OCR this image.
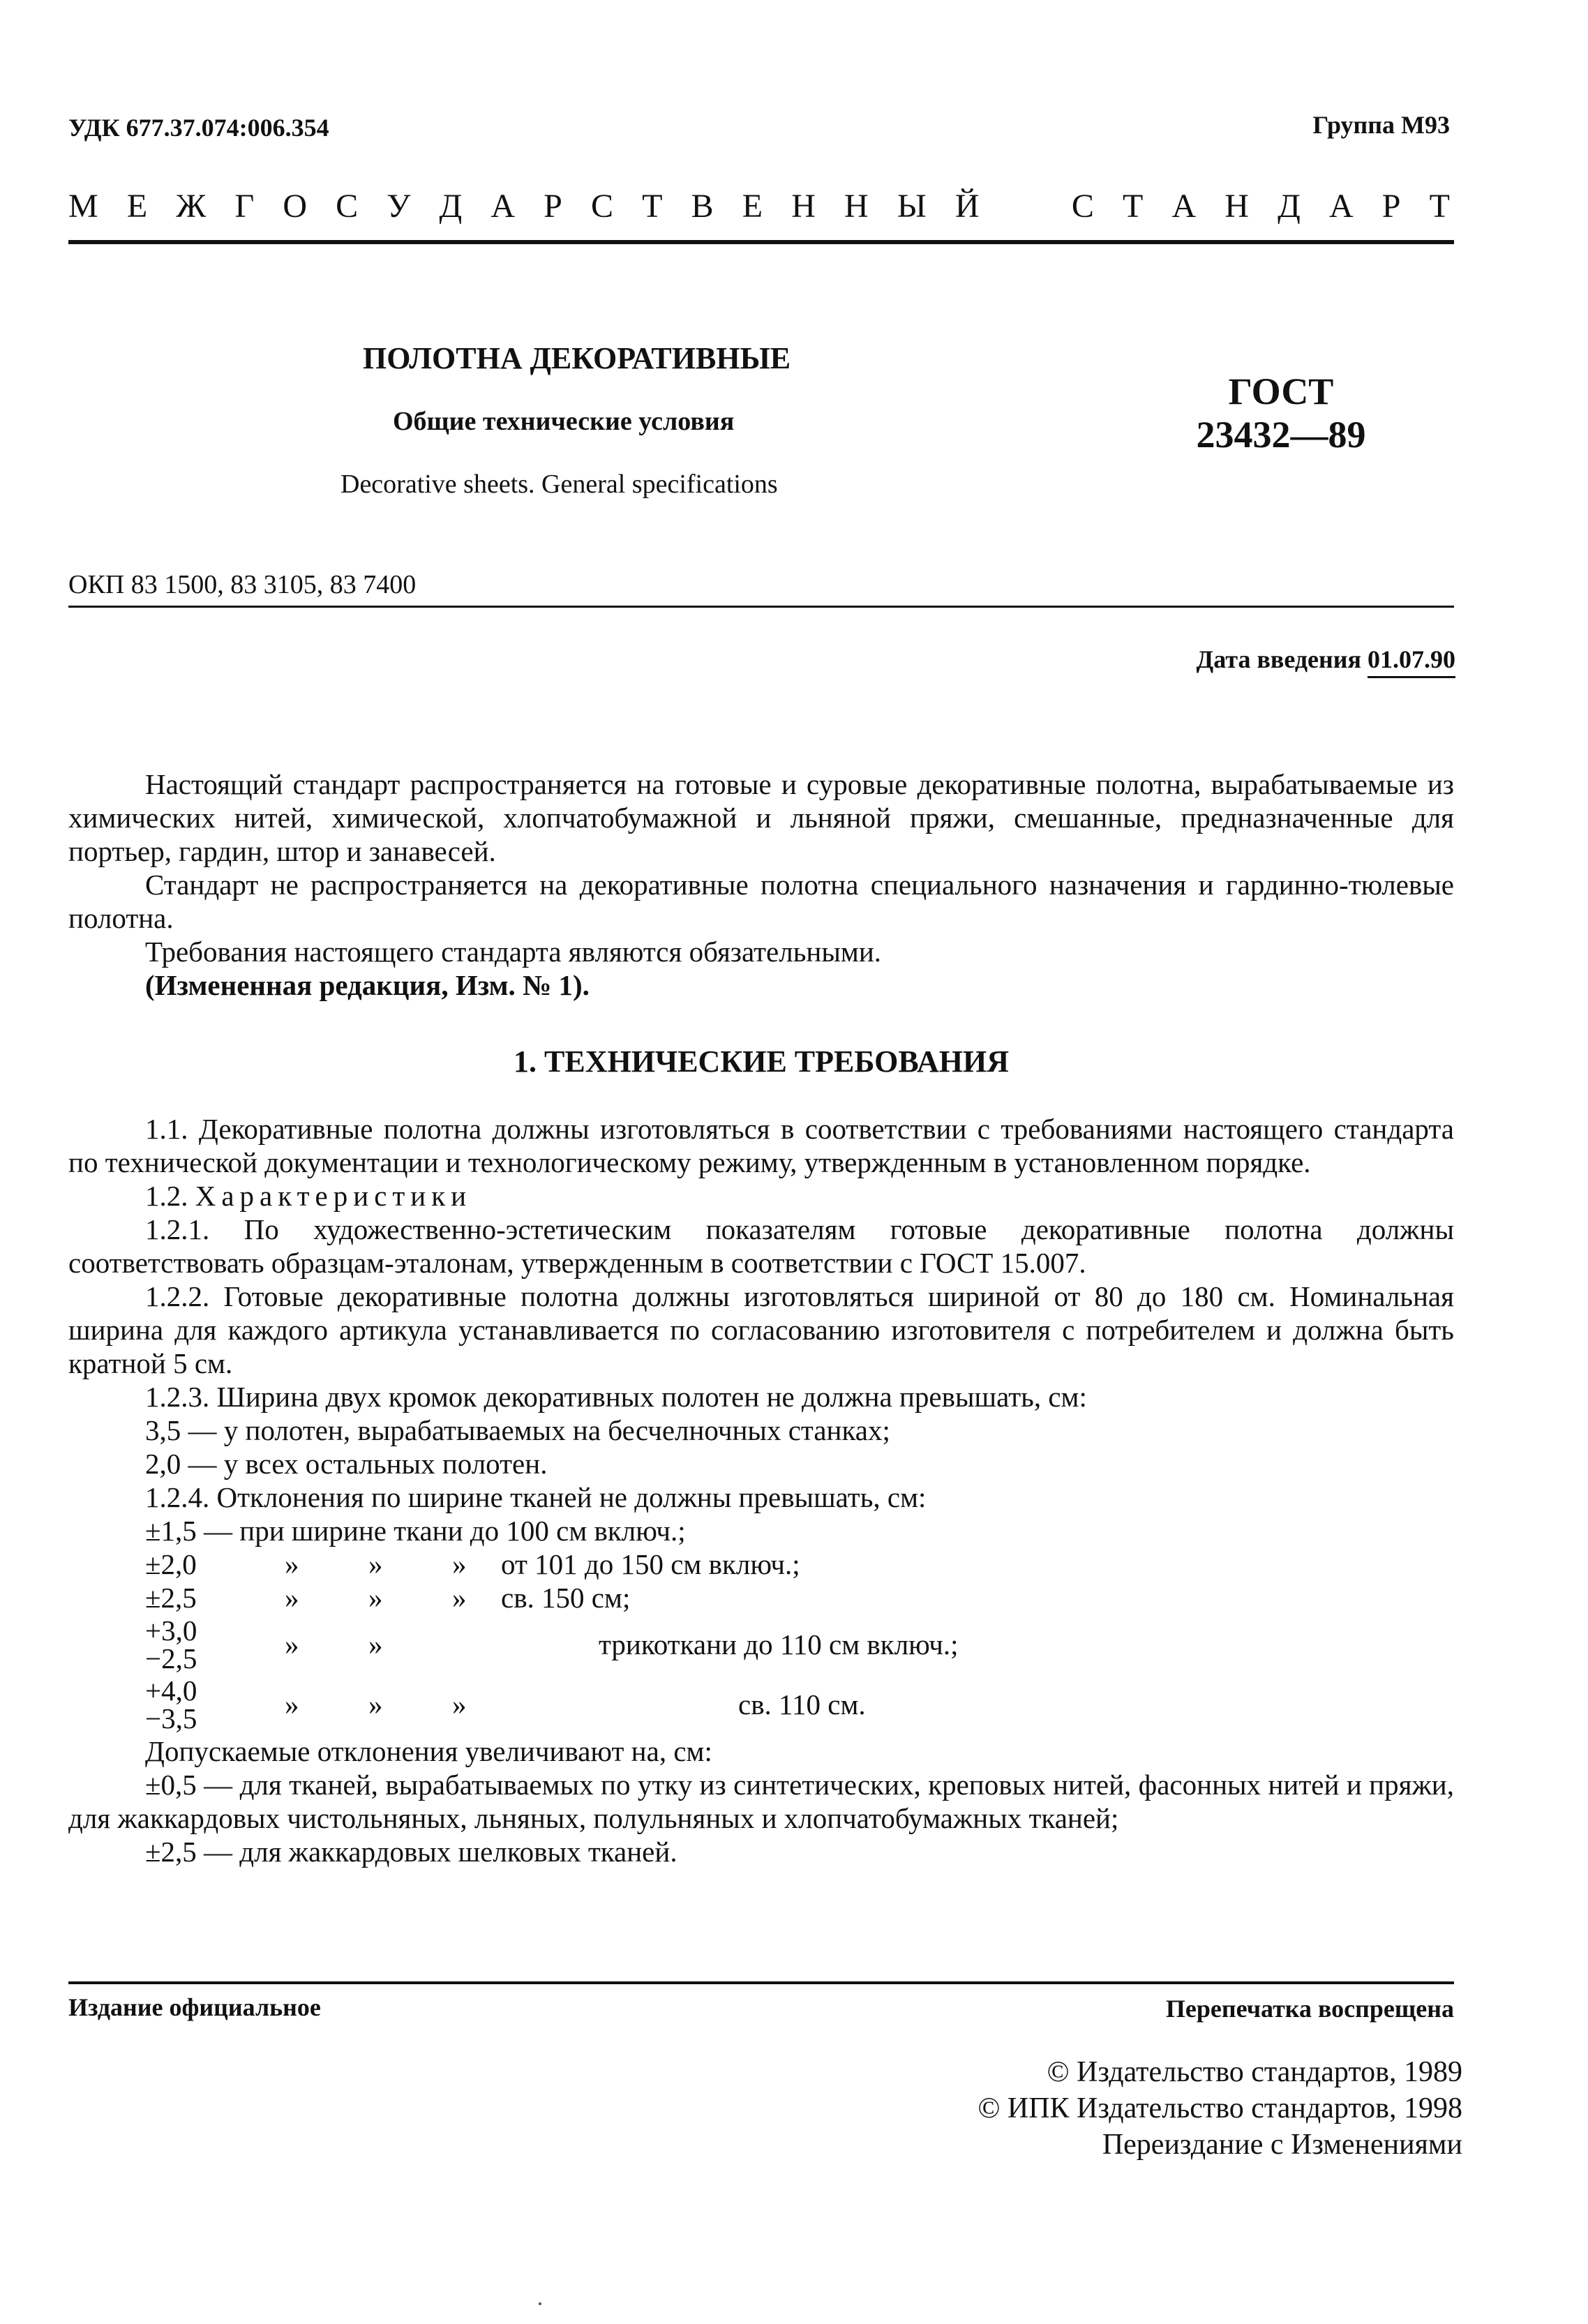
УДК 677.37.074:006.354	Группа М93
М Е Ж Г О С У Д А Р С Т В Е Н Н Ы Й	С Т А Н Д А Р Т
ПОЛОТНА ДЕКОРАТИВНЫЕ
Общие технические условия
Decorative sheets. General specifications
ГОСТ
23432—89
ОКП 83 1500, 83 3105, 83 7400
Дата введения 01.07.90

Настоящий стандарт распространяется на готовые и суровые декоративные полотна, вырабатываемые из химических нитей, химической, хлопчатобумажной и льняной пряжи, смешанные, предназначенные для портьер, гардин, штор и занавесей.

Стандарт не распространяется на декоративные полотна специального назначения и гардинно-тюлевые полотна.

Требования настоящего стандарта являются обязательными.

(Измененная редакция, Изм. № 1).

1. ТЕХНИЧЕСКИЕ ТРЕБОВАНИЯ

1.1. Декоративные полотна должны изготовляться в соответствии с требованиями настоящего стандарта по технической документации и технологическому режиму, утвержденным в установленном порядке.

1.2. Характеристики

1.2.1. По художественно-эстетическим показателям готовые декоративные полотна должны соответствовать образцам-эталонам, утвержденным в соответствии с ГОСТ 15.007.

1.2.2. Готовые декоративные полотна должны изготовляться шириной от 80 до 180 см. Номинальная ширина для каждого артикула устанавливается по согласованию изготовителя с потребителем и должна быть кратной 5 см.

1.2.3. Ширина двух кромок декоративных полотен не должна превышать, см:

3,5 — у полотен, вырабатываемых на бесчелночных станках;

2,0 — у всех остальных полотен.

1.2.4. Отклонения по ширине тканей не должны превышать, см:

±1,5 — при ширине ткани до 100 см включ.;

±2,0	»	»	»	от 101 до 150 см включ.;
±2,5	»	»	»	св. 150 см;
+3,0
−2,5	»	»	трикоткани до 110 см включ.;
+4,0
−3,5	»	»	»	св. 110 см.

Допускаемые отклонения увеличивают на, см:

±0,5 — для тканей, вырабатываемых по утку из синтетических, креповых нитей, фасонных нитей и пряжи, для жаккардовых чистольняных, льняных, полульняных и хлопчатобумажных тканей;

±2,5 — для жаккардовых шелковых тканей.

Издание официальное	Перепечатка воспрещена
© Издательство стандартов, 1989
© ИПК Издательство стандартов, 1998
Переиздание с Изменениями
